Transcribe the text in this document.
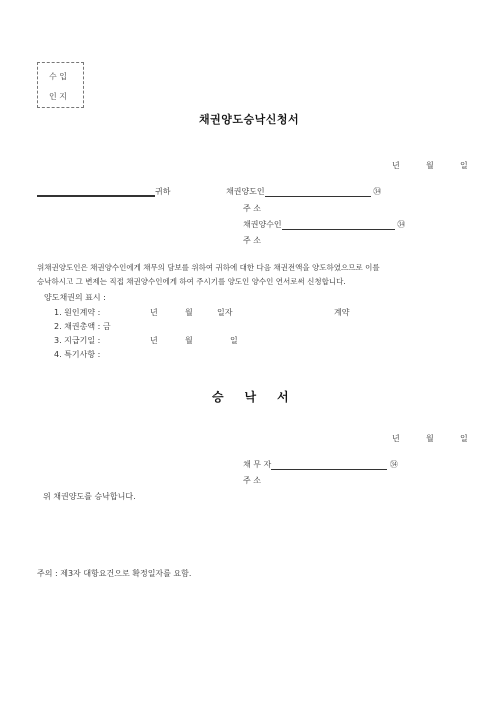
수 입
인 지
채권양도승낙신청서
년	월	일
귀하	채권양도인	㉞
주 소
채권양수인	㉞
주 소
위채권양도인은 채권양수인에게 채무의 담보를 위하여 귀하에 대한 다음 채권전액을 양도하였으므로 이를
승낙하시고 그 변제는 직접 채권양수인에게 하여 주시기를 양도인 양수인 연서로써 신청합니다.
양도채권의 표시 :
1. 원인계약 :	년	월	일자	계약
2. 채권총액 : 금
3. 지급기일 :	년	월	일
4. 특기사항 :
승     낙     서
년	월	일
채 무 자	㉞
주 소
위 채권양도를 승낙합니다.
주의 : 제3자 대항요건으로 확정일자를 요함.
